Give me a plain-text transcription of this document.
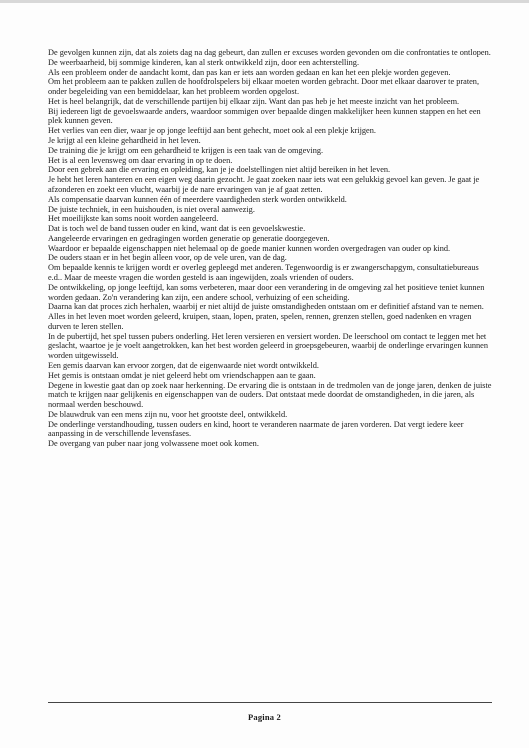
De gevolgen kunnen zijn, dat als zoiets dag na dag gebeurt, dan zullen er excuses worden gevonden om die confrontaties te ontlopen.

De weerbaarheid, bij sommige kinderen, kan al sterk ontwikkeld zijn, door een achterstelling.

Als een probleem onder de aandacht komt, dan pas kan er iets aan worden gedaan en kan het een plekje worden gegeven.

Om het probleem aan te pakken zullen de hoofdrolspelers bij elkaar moeten worden gebracht. Door met elkaar daarover te praten, onder begeleiding van een bemiddelaar, kan het probleem worden opgelost.

Het is heel belangrijk, dat de verschillende partijen bij elkaar zijn. Want dan pas heb je het meeste inzicht van het probleem.

Bij iedereen ligt de gevoelswaarde anders, waardoor sommigen over bepaalde dingen makkelijker heen kunnen stappen en het een plek kunnen geven.

Het verlies van een dier, waar je op jonge leeftijd aan bent gehecht, moet ook al een plekje krijgen.

Je krijgt al een kleine gehardheid in het leven.

De training die je krijgt om een gehardheid te krijgen is een taak van de omgeving.

Het is al een levensweg om daar ervaring in op te doen.

Door een gebrek aan die ervaring en opleiding, kan je je doelstellingen niet altijd bereiken in het leven.

Je hebt het leren hanteren en een eigen weg daarin gezocht. Je gaat zoeken naar iets wat een gelukkig gevoel kan geven. Je gaat je afzonderen en zoekt een vlucht, waarbij je de nare ervaringen van je af gaat zetten.

Als compensatie daarvan kunnen één of meerdere vaardigheden sterk worden ontwikkeld.

De juiste techniek, in een huishouden, is niet overal aanwezig.

Het moeilijkste kan soms nooit worden aangeleerd.

Dat is toch wel de band tussen ouder en kind, want dat is een gevoelskwestie.

Aangeleerde ervaringen en gedragingen worden generatie op generatie doorgegeven.

Waardoor er bepaalde eigenschappen niet helemaal op de goede manier kunnen worden overgedragen van ouder op kind.

De ouders staan er in het begin alleen voor, op de vele uren, van de dag.

Om bepaalde kennis te krijgen wordt er overleg gepleegd met anderen. Tegenwoordig is er zwangerschapgym, consultatiebureaus e.d.. Maar de meeste vragen die worden gesteld is aan ingewijden, zoals vrienden of ouders.

De ontwikkeling, op jonge leeftijd, kan soms verbeteren, maar door een verandering in de omgeving zal het positieve teniet kunnen worden gedaan. Zo'n verandering kan zijn, een andere school, verhuizing of een scheiding.

Daarna kan dat proces zich herhalen, waarbij er niet altijd de juiste omstandigheden ontstaan om er definitief afstand van te nemen.

Alles in het leven moet worden geleerd, kruipen, staan, lopen, praten, spelen, rennen, grenzen stellen, goed nadenken en vragen durven te leren stellen.

In de pubertijd, het spel tussen pubers onderling. Het leren versieren en versiert worden. De leerschool om contact te leggen met het geslacht, waartoe je je voelt aangetrokken, kan het best worden geleerd in groepsgebeuren, waarbij de onderlinge ervaringen kunnen worden uitgewisseld.

Een gemis daarvan kan ervoor zorgen, dat de eigenwaarde niet wordt ontwikkeld.

Het gemis is ontstaan omdat je niet geleerd hebt om vriendschappen aan te gaan.

Degene in kwestie gaat dan op zoek naar herkenning. De ervaring die is ontstaan in de tredmolen van de jonge jaren, denken de juiste match te krijgen naar gelijkenis en eigenschappen van de ouders. Dat ontstaat mede doordat de omstandigheden, in die jaren, als normaal werden beschouwd.

De blauwdruk van een mens zijn nu, voor het grootste deel, ontwikkeld.

De onderlinge verstandhouding, tussen ouders en kind, hoort te veranderen naarmate de jaren vorderen. Dat vergt iedere keer aanpassing in de verschillende levensfases.

De overgang van puber naar jong volwassene moet ook komen.

Pagina 2
